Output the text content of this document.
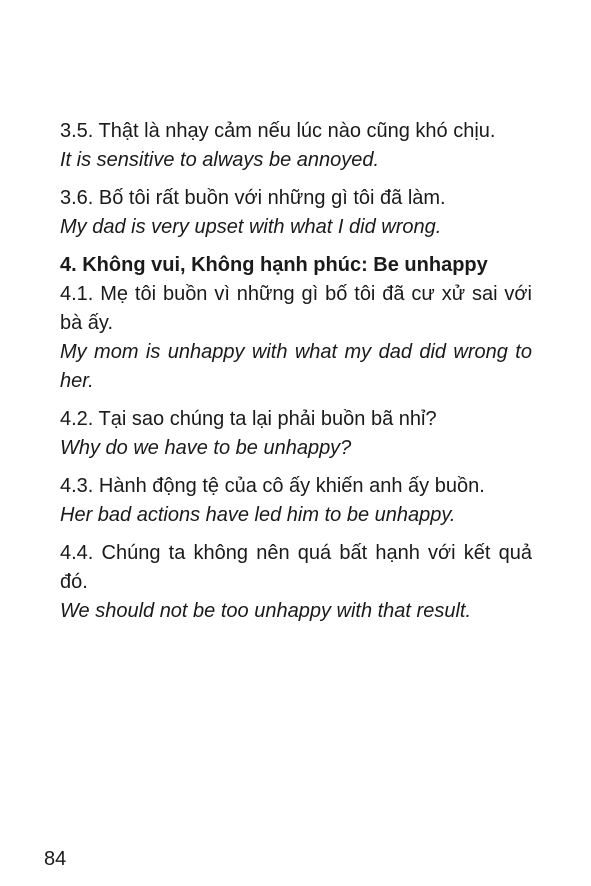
3.5. Thật là nhạy cảm nếu lúc nào cũng khó chịu.
It is sensitive to always be annoyed.
3.6. Bố tôi rất buồn với những gì tôi đã làm.
My dad is very upset with what I did wrong.
4. Không vui, Không hạnh phúc: Be unhappy
4.1. Mẹ tôi buồn vì những gì bố tôi đã cư xử sai với bà ấy.
My mom is unhappy with what my dad did wrong to her.
4.2. Tại sao chúng ta lại phải buồn bã nhỉ?
Why do we have to be unhappy?
4.3. Hành động tệ của cô ấy khiến anh ấy buồn.
Her bad actions have led him to be unhappy.
4.4. Chúng ta không nên quá bất hạnh với kết quả đó.
We should not be too unhappy with that result.
84
